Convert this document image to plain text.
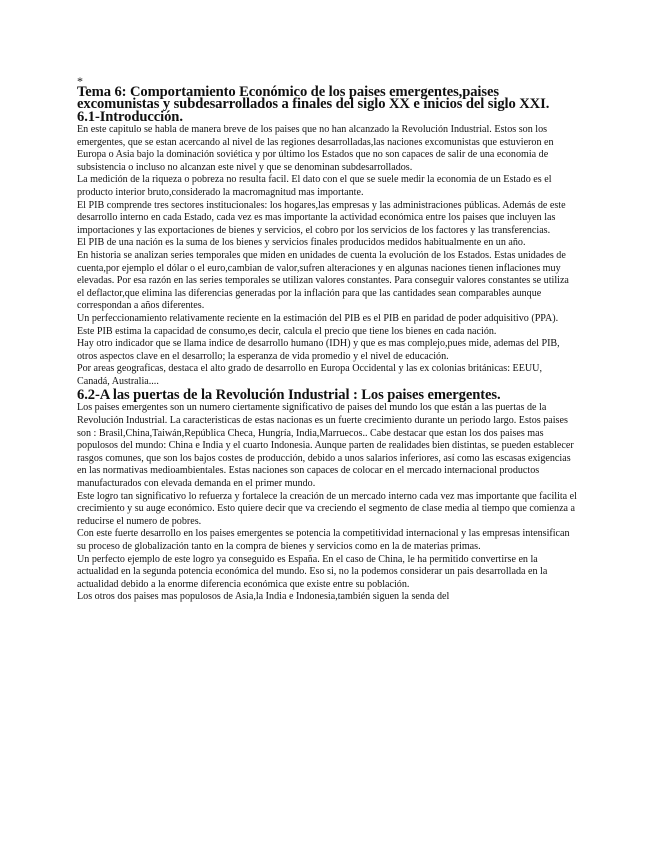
*

Tema 6: Comportamiento Económico de los paises emergentes,paises excomunistas y subdesarrollados a finales del siglo XX e inicios del siglo XXI.
6.1-Introducción.

En este capitulo se habla de manera breve de los paises que no han alcanzado la Revolución Industrial. Estos son los emergentes, que se estan acercando al nivel de las regiones desarrolladas,las naciones excomunistas que estuvieron en Europa o Asia bajo la dominación soviética y por último los Estados que no son capaces de salir de una economia de subsistencia o incluso no alcanzan este nivel y que se denominan subdesarrollados.

La medición de la riqueza o pobreza no resulta facil. El dato con el que se suele medir la economia de un Estado es el producto interior bruto,considerado la macromagnitud mas importante.

El PIB comprende tres sectores institucionales: los hogares,las empresas y las administraciones públicas. Además de este desarrollo interno en cada Estado, cada vez es mas importante la actividad económica entre los paises que incluyen las importaciones y las exportaciones de bienes y servicios, el cobro por los servicios de los factores y las transferencias.

El PIB de una nación es la suma de los bienes y servicios finales producidos medidos habitualmente en un año.

En historia se analizan series temporales que miden en unidades de cuenta la evolución de los Estados. Estas unidades de cuenta,por ejemplo el dólar o el euro,cambian de valor,sufren alteraciones y en algunas naciones tienen inflaciones muy elevadas. Por esa razón en las series temporales se utilizan valores constantes. Para conseguir valores constantes se utiliza el deflactor,que elimina las diferencias generadas por la inflación para que las cantidades sean comparables aunque correspondan a años diferentes.

Un perfeccionamiento relativamente reciente en la estimación del PIB es el PIB en paridad de poder adquisitivo (PPA). Este PIB estima la capacidad de consumo,es decir, calcula el precio que tiene los bienes en cada nación.

Hay otro indicador que se llama indice de desarrollo humano (IDH) y que es mas complejo,pues mide, ademas del PIB, otros aspectos clave en el desarrollo; la esperanza de vida promedio y el nivel de educación.

Por areas geograficas, destaca el alto grado de desarrollo en Europa Occidental y las ex colonias británicas: EEUU, Canadá, Australia....

6.2-A las puertas de la Revolución Industrial : Los paises emergentes.

Los paises emergentes son un numero ciertamente significativo de paises del mundo los que están a las puertas de la Revolución Industrial. La caracteristicas de estas nacionas es un fuerte crecimiento durante un periodo largo. Estos paises son : Brasil,China,Taiwán,República Checa, Hungría, India,Marruecos.. Cabe destacar que estan los dos paises mas populosos del mundo: China e India y el cuarto Indonesia. Aunque parten de realidades bien distintas, se pueden establecer rasgos comunes, que son los bajos costes de producción, debido a unos salarios inferiores, así como las escasas exigencias en las normativas medioambientales. Estas naciones son capaces de colocar en el mercado internacional productos manufacturados con elevada demanda en el primer mundo.

Este logro tan significativo lo refuerza y fortalece la creación de un mercado interno cada vez mas importante que facilita el crecimiento y su auge económico. Esto quiere decir que va creciendo el segmento de clase media al tiempo que comienza a reducirse el numero de pobres.

Con este fuerte desarrollo en los paises emergentes se potencia la competitividad internacional y las empresas intensifican su proceso de globalización tanto en la compra de bienes y servicios como en la de materias primas.

Un perfecto ejemplo de este logro ya conseguido es España. En el caso de China, le ha permitido convertirse en la actualidad en la segunda potencia económica del mundo. Eso si, no la podemos considerar un pais desarrollada en la actualidad debido a la enorme diferencia económica que existe entre su población.

Los otros dos paises mas populosos de Asia,la India e Indonesia,también siguen la senda del
